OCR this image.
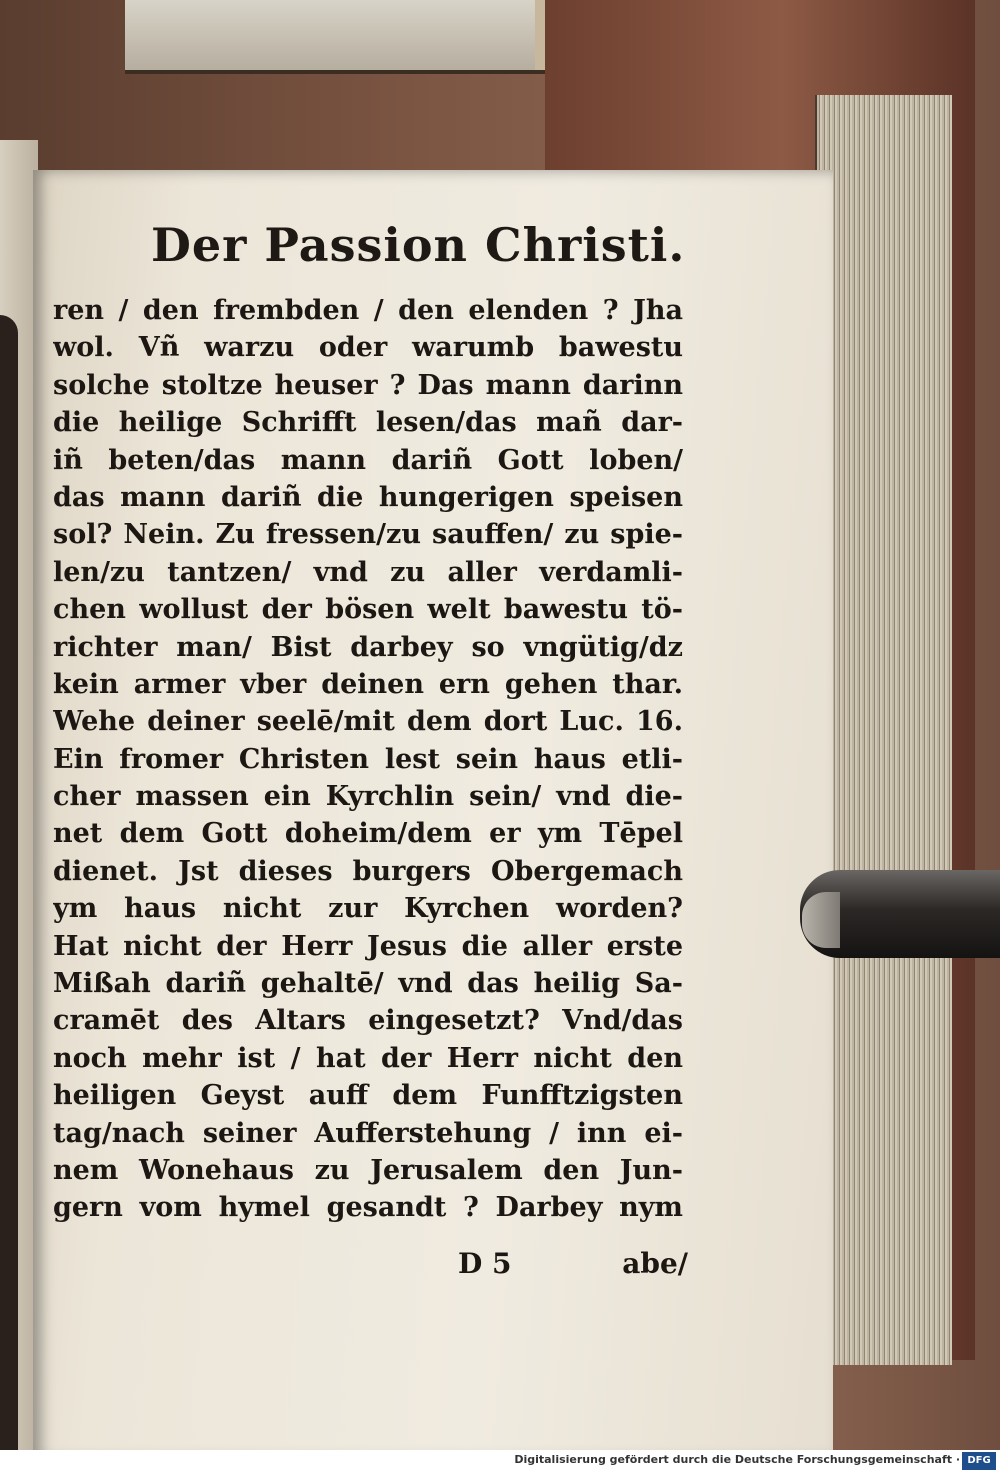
Der Passion Christi.
ren / den frembden / den elenden ? Jha
wol. Vñ warzu oder warumb bawestu
solche stoltze heuser ? Das mann darinn
die heilige Schrifft lesen/das mañ dar-
iñ beten/das mann dariñ Gott loben/
das mann dariñ die hungerigen speisen
sol? Nein. Zu fressen/zu sauffen/ zu spie-
len/zu tantzen/ vnd zu aller verdamli-
chen wollust der bösen welt bawestu tö-
richter man/ Bist darbey so vngütig/dz
kein armer vber deinen ern gehen thar.
Wehe deiner seelē/mit dem dort Luc. 16.
Ein fromer Christen lest sein haus etli-
cher massen ein Kyrchlin sein/ vnd die-
net dem Gott doheim/dem er ym Tēpel
dienet. Jst dieses burgers Obergemach
ym haus nicht zur Kyrchen worden?
Hat nicht der Herr Jesus die aller erste
Mißah dariñ gehaltē/ vnd das heilig Sa-
cramēt des Altars eingesetzt? Vnd/das
noch mehr ist / hat der Herr nicht den
heiligen Geyst auff dem Funfftzigsten
tag/nach seiner Aufferstehung / inn ei-
nem Wonehaus zu Jerusalem den Jun-
gern vom hymel gesandt ? Darbey nym
D 5	abe/
Digitalisierung gefördert durch die Deutsche Forschungsgemeinschaft · DFG
